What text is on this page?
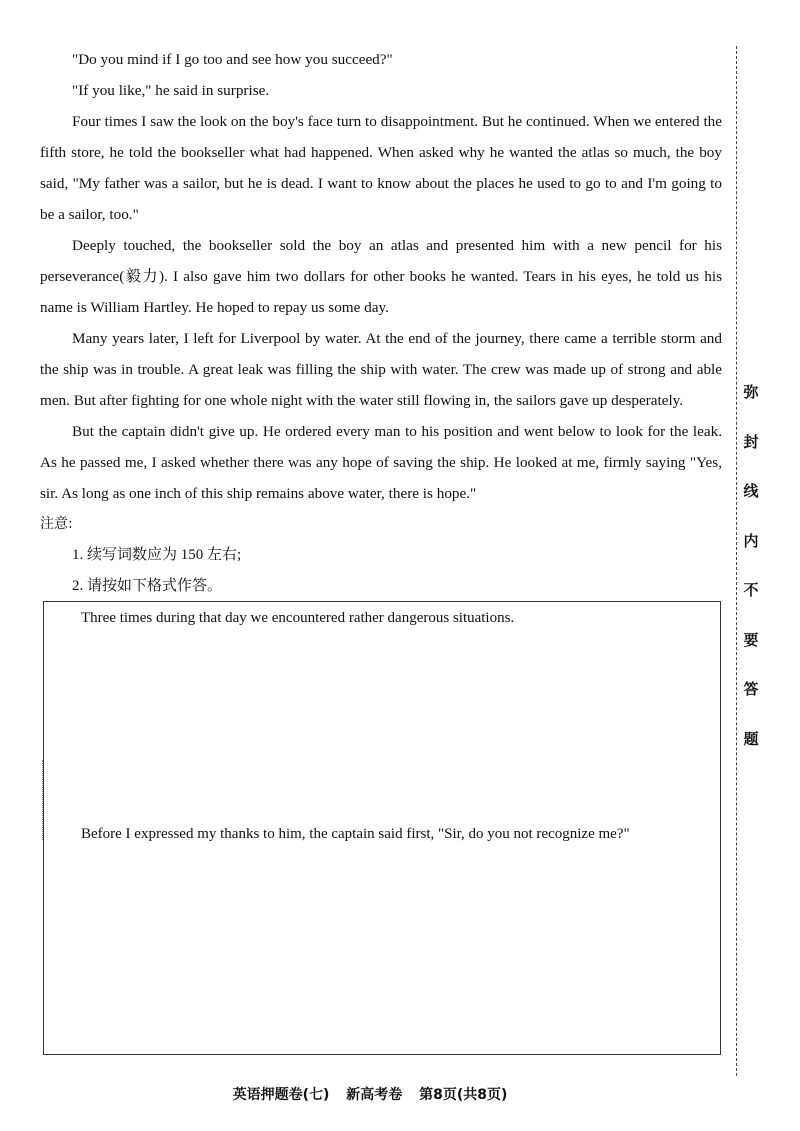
"Do you mind if I go too and see how you succeed?"

"If you like," he said in surprise.

Four times I saw the look on the boy's face turn to disappointment. But he continued. When we entered the fifth store, he told the bookseller what had happened. When asked why he wanted the atlas so much, the boy said, "My father was a sailor, but he is dead. I want to know about the places he used to go to and I'm going to be a sailor, too."

Deeply touched, the bookseller sold the boy an atlas and presented him with a new pencil for his perseverance(毅力). I also gave him two dollars for other books he wanted. Tears in his eyes, he told us his name is William Hartley. He hoped to repay us some day.

Many years later, I left for Liverpool by water. At the end of the journey, there came a terrible storm and the ship was in trouble. A great leak was filling the ship with water. The crew was made up of strong and able men. But after fighting for one whole night with the water still flowing in, the sailors gave up desperately.

But the captain didn't give up. He ordered every man to his position and went below to look for the leak. As he passed me, I asked whether there was any hope of saving the ship. He looked at me, firmly saying "Yes, sir. As long as one inch of this ship remains above water, there is hope."

注意:

1. 续写词数应为 150 左右;

2. 请按如下格式作答。

Three times during that day we encountered rather dangerous situations.
Before I expressed my thanks to him, the captain said first, "Sir, do you not recognize me?"
弥
封
线
内
不
要
答
题
英语押题卷(七) 新高考卷 第8页(共8页)
